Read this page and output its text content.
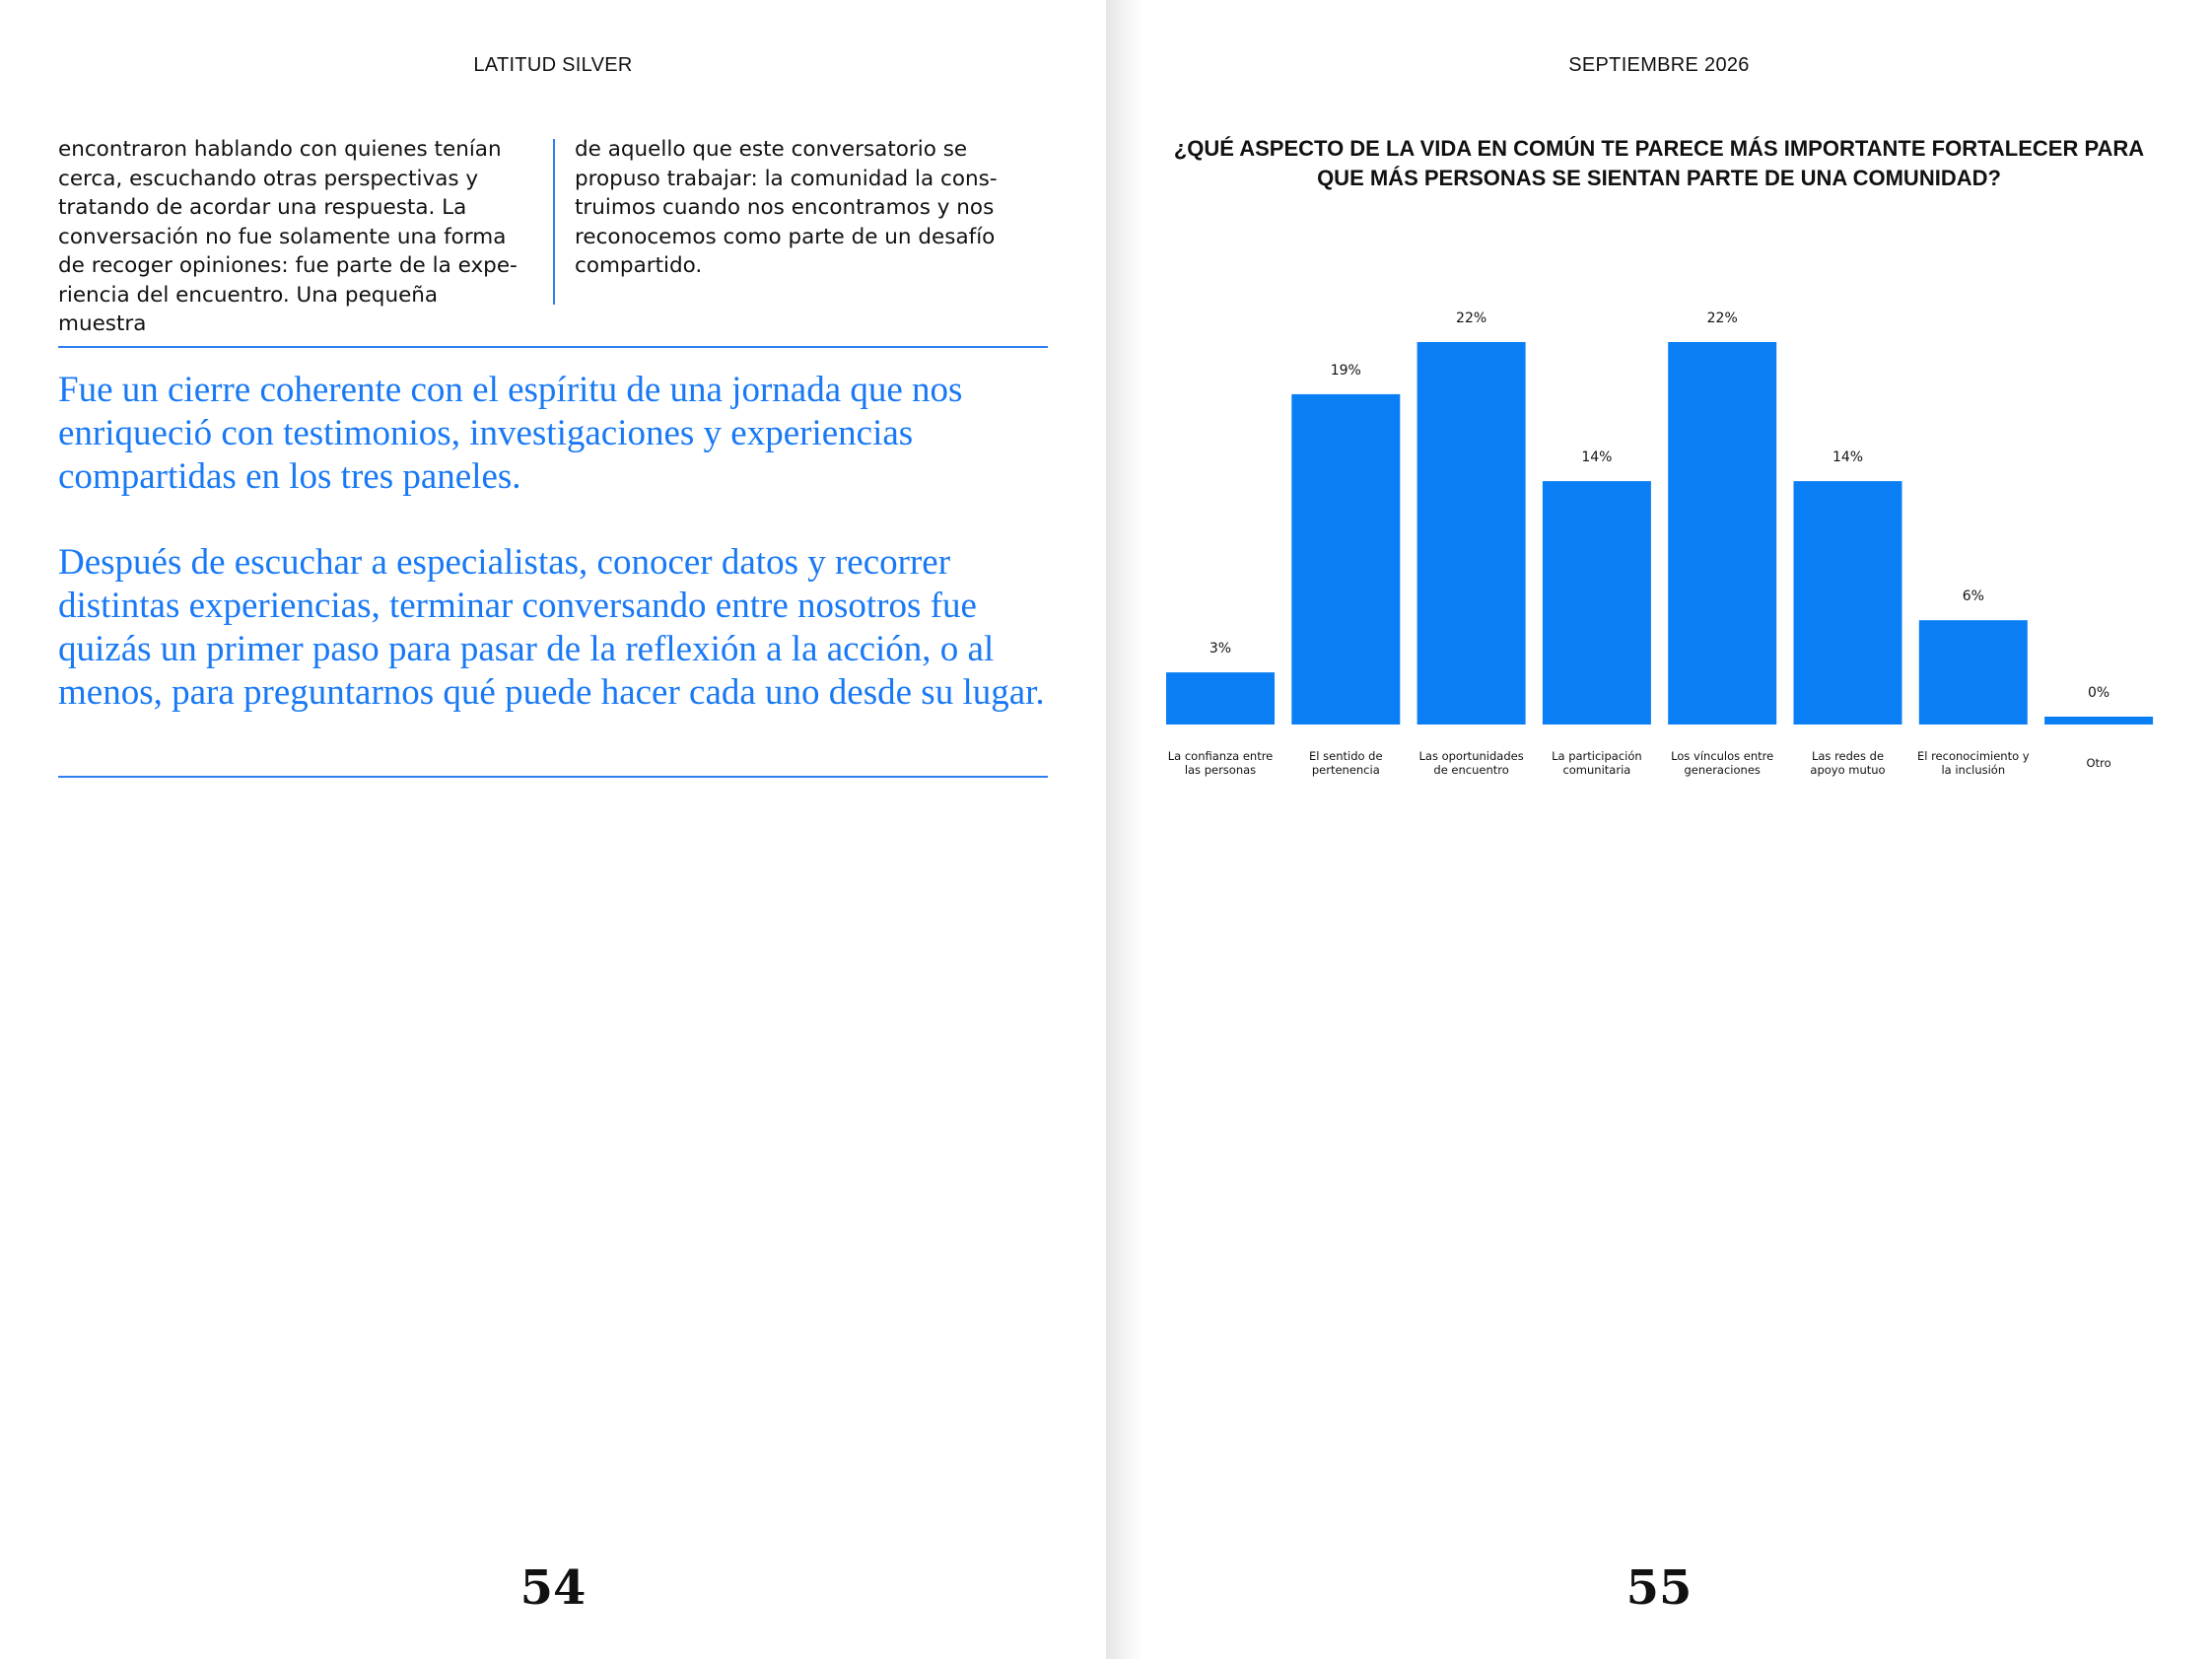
LATITUD SILVER
encontraron hablando con quienes tenían cerca, escuchando otras perspectivas y tratando de acordar una respuesta. La conversación no fue solamente una forma de recoger opiniones: fue parte de la experiencia del encuentro. Una pequeña muestra
de aquello que este conversatorio se propuso trabajar: la comunidad la construimos cuando nos encontramos y nos reconocemos como parte de un desafío compartido.
Fue un cierre coherente con el espíritu de una jornada que nos enriqueció con testimonios, investigaciones y experiencias compartidas en los tres paneles.
Después de escuchar a especialistas, conocer datos y recorrer distintas experiencias, terminar conversando entre nosotros fue quizás un primer paso para pasar de la reflexión a la acción, o al menos, para preguntarnos qué puede hacer cada uno desde su lugar.
54
SEPTIEMBRE 2026
¿QUÉ ASPECTO DE LA VIDA EN COMÚN TE PARECE MÁS IMPORTANTE FORTALECER PARA QUE MÁS PERSONAS SE SIENTAN PARTE DE UNA COMUNIDAD?
3%
La confianza entre las personas
19%
El sentido de pertenencia
22%
Las oportunidades de encuentro
14%
La participación comunitaria
22%
Los vínculos entre generaciones
14%
Las redes de apoyo mutuo
6%
El reconocimiento y la inclusión
0%
Otro
55
